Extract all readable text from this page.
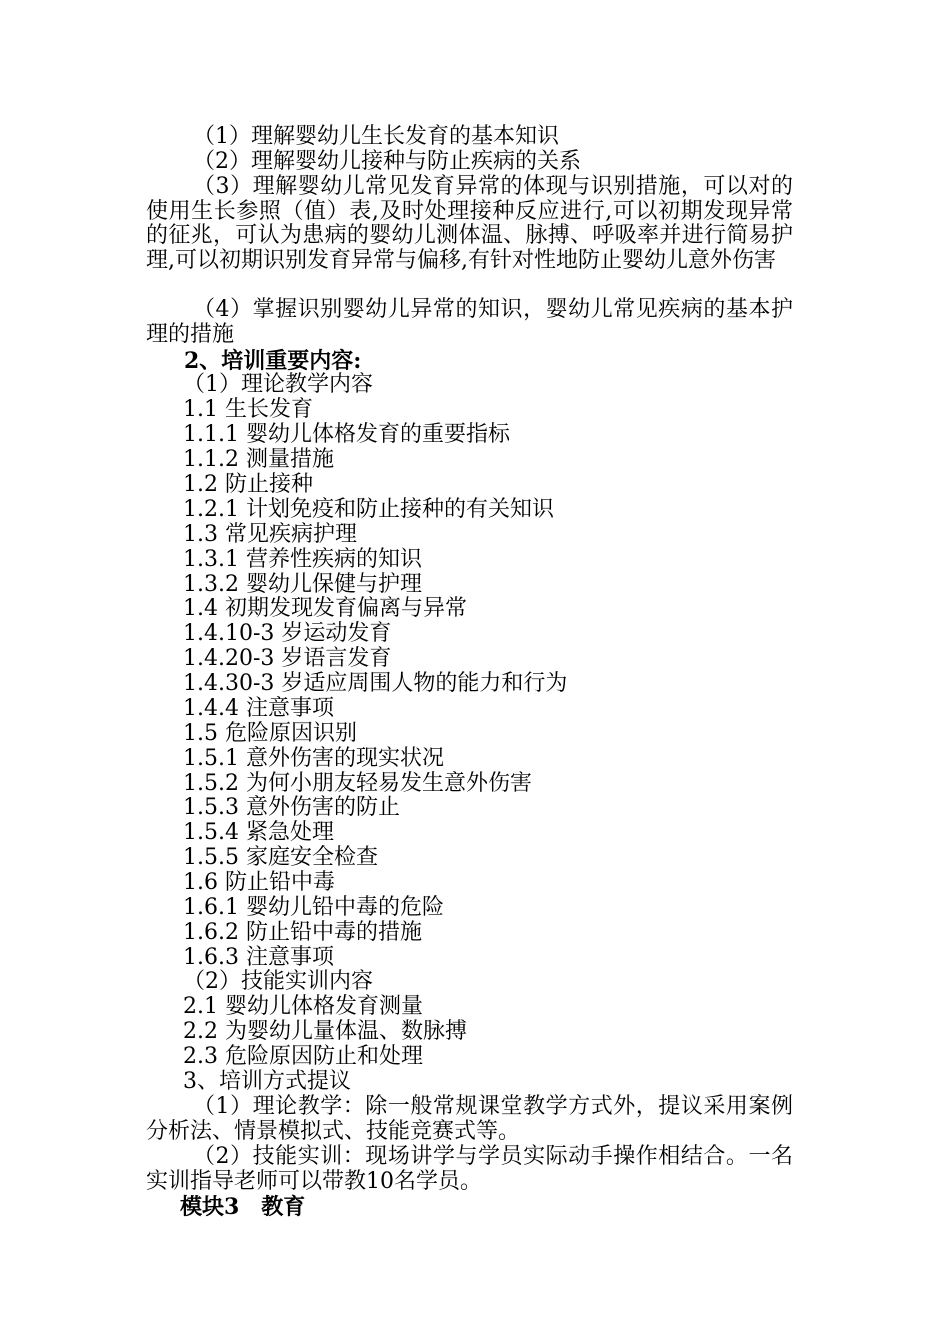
（1）理解婴幼儿生长发育的基本知识
（2）理解婴幼儿接种与防止疾病的关系
（3）理解婴幼儿常见发育异常的体现与识别措施，可以对的使用生长参照（值）表,及时处理接种反应进行,可以初期发现异常的征兆，可认为患病的婴幼儿测体温、脉搏、呼吸率并进行简易护理,可以初期识别发育异常与偏移,有针对性地防止婴幼儿意外伤害
（4）掌握识别婴幼儿异常的知识，婴幼儿常见疾病的基本护理的措施
2、培训重要内容:
（1）理论教学内容
1.1 生长发育
1.1.1 婴幼儿体格发育的重要指标
1.1.2 测量措施
1.2 防止接种
1.2.1 计划免疫和防止接种的有关知识
1.3 常见疾病护理
1.3.1 营养性疾病的知识
1.3.2 婴幼儿保健与护理
1.4 初期发现发育偏离与异常
1.4.10-3 岁运动发育
1.4.20-3 岁语言发育
1.4.30-3 岁适应周围人物的能力和行为
1.4.4 注意事项
1.5 危险原因识别
1.5.1 意外伤害的现实状况
1.5.2 为何小朋友轻易发生意外伤害
1.5.3 意外伤害的防止
1.5.4 紧急处理
1.5.5 家庭安全检查
1.6 防止铅中毒
1.6.1 婴幼儿铅中毒的危险
1.6.2 防止铅中毒的措施
1.6.3 注意事项
（2）技能实训内容
2.1 婴幼儿体格发育测量
2.2 为婴幼儿量体温、数脉搏
2.3 危险原因防止和处理
3、培训方式提议
（1）理论教学：除一般常规课堂教学方式外，提议采用案例分析法、情景模拟式、技能竞赛式等。
（2）技能实训：现场讲学与学员实际动手操作相结合。一名实训指导老师可以带教10名学员。
模块3　教育
